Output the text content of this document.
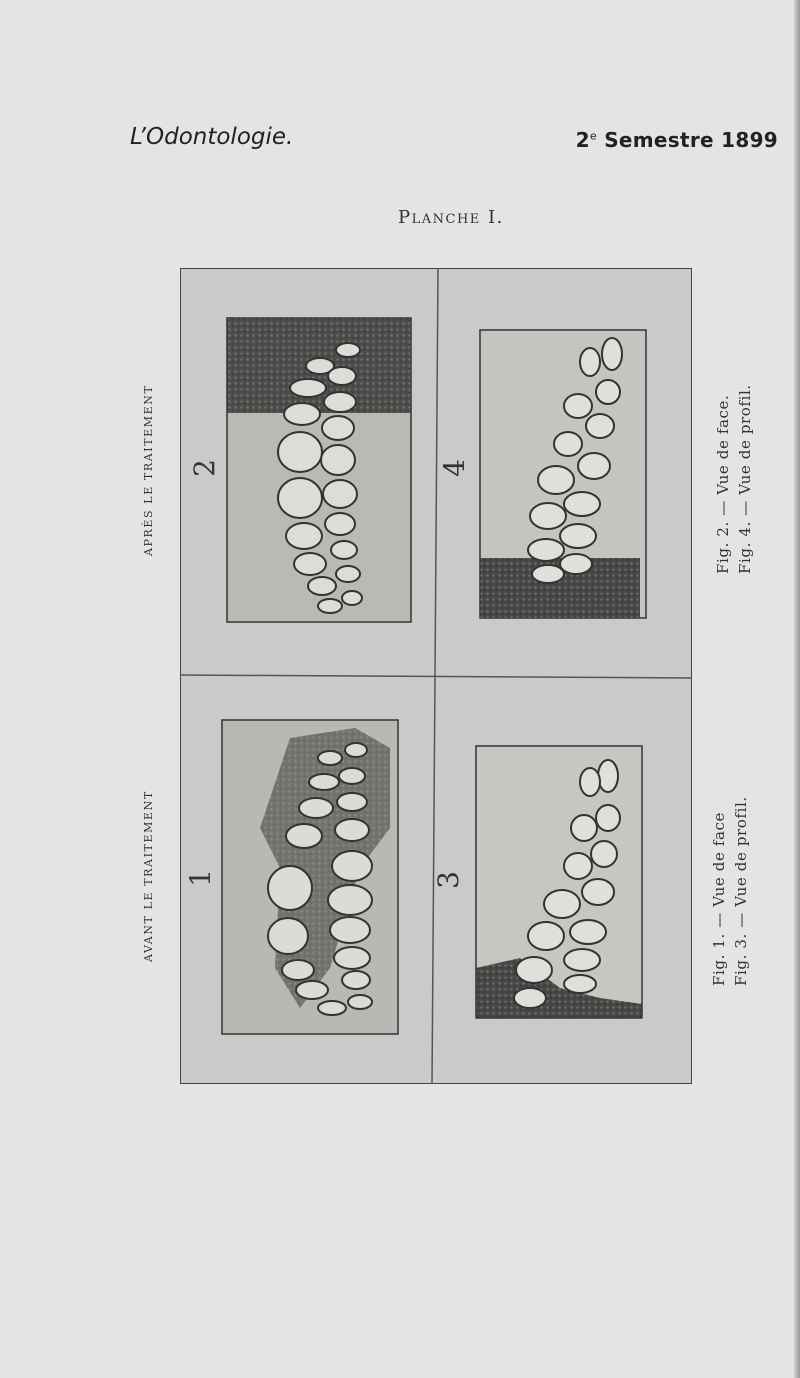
L’Odontologie.	2e Semestre 1899
Planche I.
APRÈS LE TRAITEMENT
AVANT LE TRAITEMENT
Fig. 2. — Vue de face. Fig. 4. — Vue de profil.
Fig. 1. — Vue de face Fig. 3. — Vue de profil.
2	4
1	3
